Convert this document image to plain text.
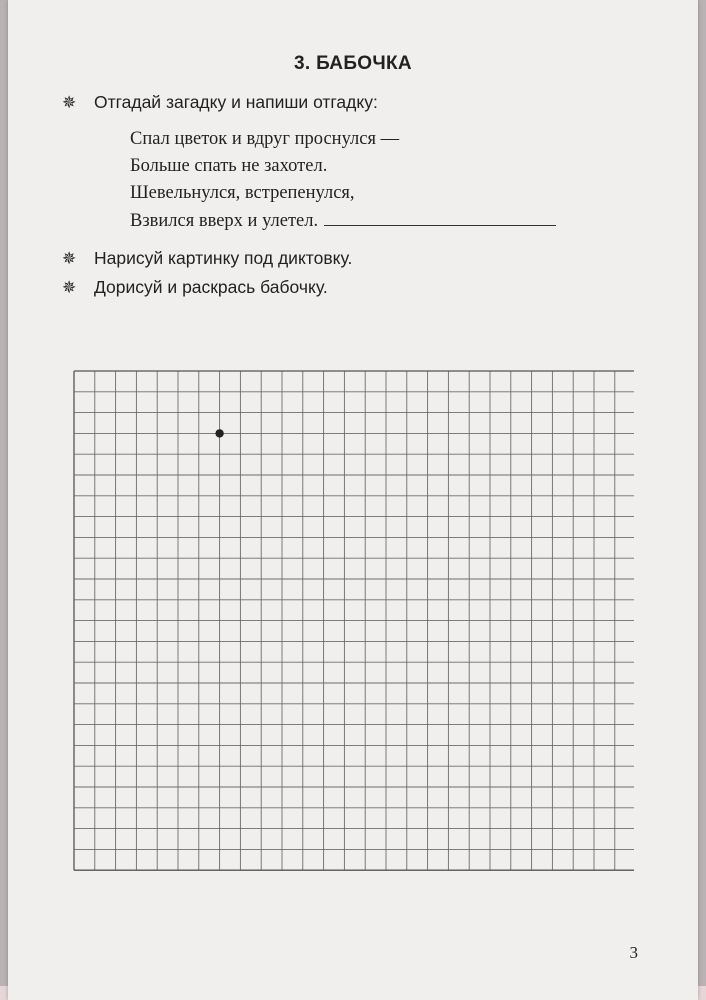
3. БАБОЧКА
✵ Отгадай загадку и напиши отгадку:
Спал цветок и вдруг проснулся —
Больше спать не захотел.
Шевельнулся, встрепенулся,
Взвился вверх и улетел.
✵ Нарисуй картинку под диктовку.
✵ Дорисуй и раскрась бабочку.
3
